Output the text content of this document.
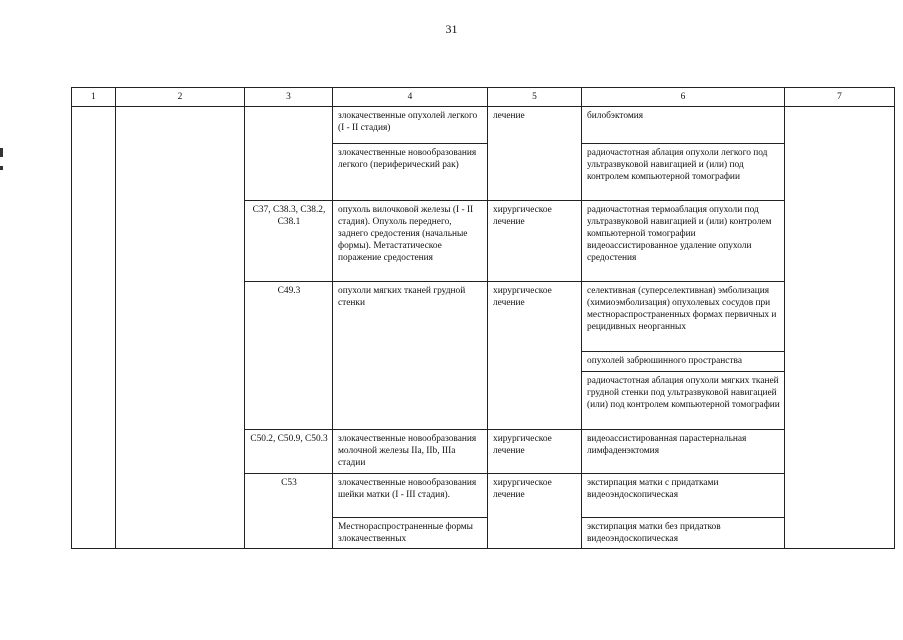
31
1	2	3	4	5	6	7
			злокачественные опухолей легкого (I - II стадия)	лечение	билобэктомия	
			злокачественные новообразования легкого (периферический рак)		радиочастотная аблация опухоли легкого под ультразвуковой навигацией и (или) под контролем компьютерной томографии	
		C37, C38.3, C38.2, C38.1	опухоль вилочковой железы (I - II стадия). Опухоль переднего, заднего средостения (начальные формы). Метастатическое поражение средостения	хирургическое лечение	радиочастотная термоаблация опухоли под ультразвуковой навигацией и (или) контролем компьютерной томографии видеоассистированное удаление опухоли средостения	
		C49.3	опухоли мягких тканей грудной стенки	хирургическое лечение	селективная (суперселективная) эмболизация (химиоэмболизация) опухолевых сосудов при местнораспространенных формах первичных и рецидивных неорганных	
					опухолей забрюшинного пространства	
					радиочастотная аблация опухоли мягких тканей грудной стенки под ультразвуковой навигацией (или) под контролем компьютерной томографии	
		C50.2, C50.9, C50.3	злокачественные новообразования молочной железы IIa, IIb, IIIa стадии	хирургическое лечение	видеоассистированная парастернальная лимфаденэктомия	
		C53	злокачественные новообразования шейки матки (I - III стадия).	хирургическое лечение	экстирпация матки с придатками видеоэндоскопическая	
			Местнораспространенные формы злокачественных		экстирпация матки без придатков видеоэндоскопическая	
